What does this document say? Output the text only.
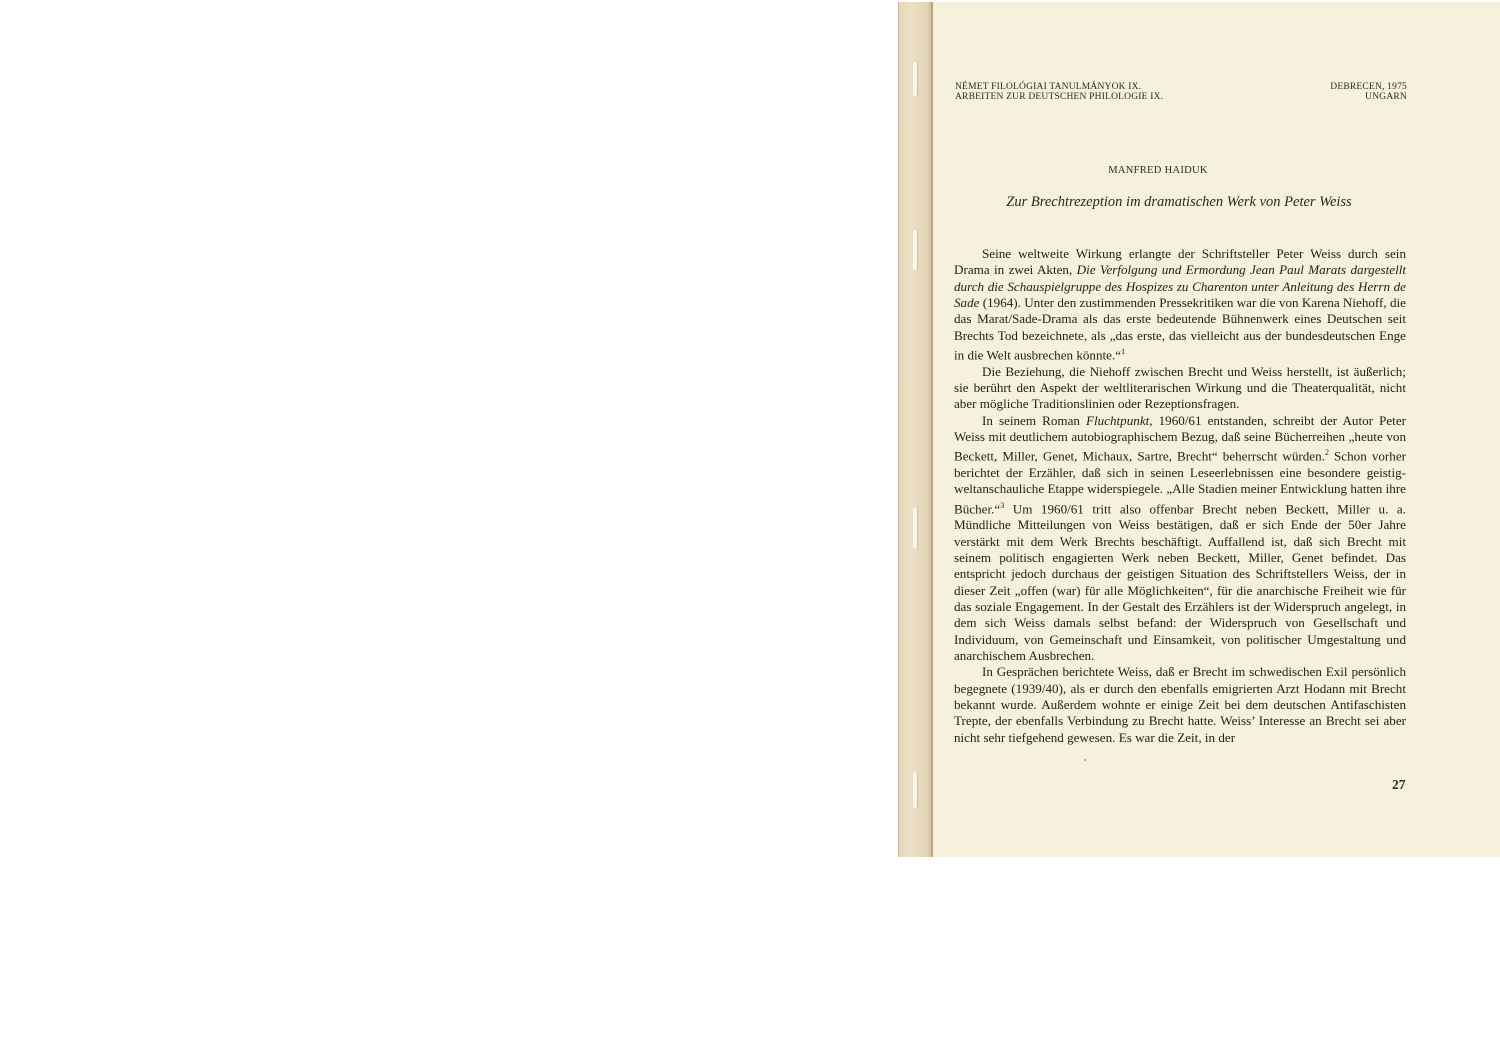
NÉMET FILOLÓGIAI TANULMÁNYOK IX.
ARBEITEN ZUR DEUTSCHEN PHILOLOGIE IX.
DEBRECEN, 1975
UNGARN
MANFRED HAIDUK
Zur Brechtrezeption im dramatischen Werk von Peter Weiss

Seine weltweite Wirkung erlangte der Schriftsteller Peter Weiss durch sein Drama in zwei Akten, Die Verfolgung und Ermordung Jean Paul Marats dargestellt durch die Schauspielgruppe des Hospizes zu Charenton unter Anleitung des Herrn de Sade (1964). Unter den zustimmenden Pressekritiken war die von Karena Niehoff, die das Marat/Sade-Drama als das erste bedeutende Bühnenwerk eines Deutschen seit Brechts Tod bezeichnete, als „das erste, das vielleicht aus der bundesdeutschen Enge in die Welt ausbrechen könnte.“$^1$

Die Beziehung, die Niehoff zwischen Brecht und Weiss herstellt, ist äußerlich; sie berührt den Aspekt der weltliterarischen Wirkung und die Theaterqualität, nicht aber mögliche Traditionslinien oder Rezeptionsfragen.

In seinem Roman Fluchtpunkt, 1960/61 entstanden, schreibt der Autor Peter Weiss mit deutlichem autobiographischem Bezug, daß seine Bücherreihen „heute von Beckett, Miller, Genet, Michaux, Sartre, Brecht“ beherrscht würden.$^2$ Schon vorher berichtet der Erzähler, daß sich in seinen Leseerlebnissen eine besondere geistig-weltanschauliche Etappe widerspiegele. „Alle Stadien meiner Entwicklung hatten ihre Bücher.“$^3$ Um 1960/61 tritt also offenbar Brecht neben Beckett, Miller u. a. Mündliche Mitteilungen von Weiss bestätigen, daß er sich Ende der 50er Jahre verstärkt mit dem Werk Brechts beschäftigt. Auffallend ist, daß sich Brecht mit seinem politisch engagierten Werk neben Beckett, Miller, Genet befindet. Das entspricht jedoch durchaus der geistigen Situation des Schriftstellers Weiss, der in dieser Zeit „offen (war) für alle Möglichkeiten“, für die anarchische Freiheit wie für das soziale Engagement. In der Gestalt des Erzählers ist der Widerspruch angelegt, in dem sich Weiss damals selbst befand: der Widerspruch von Gesellschaft und Individuum, von Gemeinschaft und Einsamkeit, von politischer Umgestaltung und anarchischem Ausbrechen.

In Gesprächen berichtete Weiss, daß er Brecht im schwedischen Exil persönlich begegnete (1939/40), als er durch den ebenfalls emigrierten Arzt Hodann mit Brecht bekannt wurde. Außerdem wohnte er einige Zeit bei dem deutschen Antifaschisten Trepte, der ebenfalls Verbindung zu Brecht hatte. Weiss’ Interesse an Brecht sei aber nicht sehr tiefgehend gewesen. Es war die Zeit, in der

27
